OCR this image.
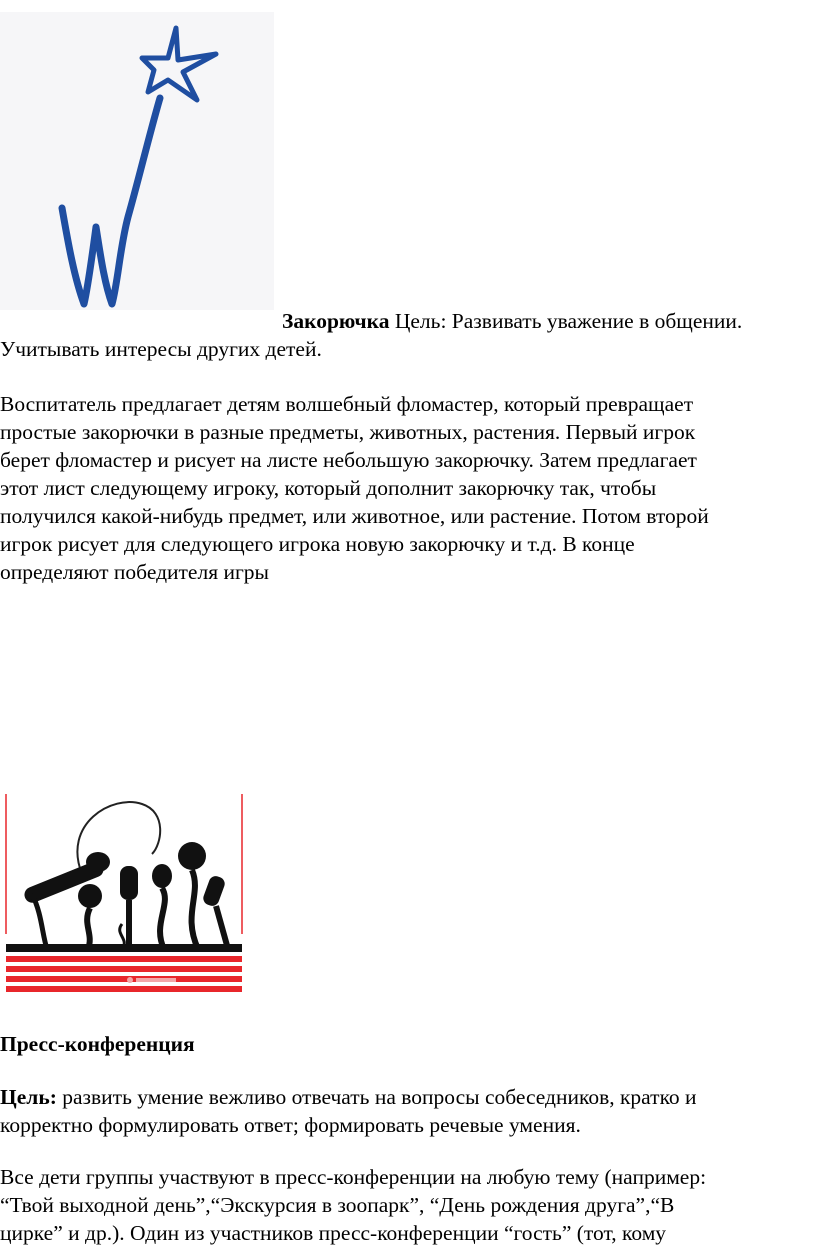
Закорючка Цель: Развивать уважение в общении.

Учитывать интересы других детей.

Воспитатель предлагает детям волшебный фломастер, который превращает

простые закорючки в разные предметы, животных, растения. Первый игрок

берет фломастер и рисует на листе небольшую закорючку. Затем предлагает

этот лист следующему игроку, который дополнит закорючку так, чтобы

получился какой-нибудь предмет, или животное, или растение. Потом второй

игрок рисует для следующего игрока новую закорючку и т.д. В конце

определяют победителя игры

Пресс-конференция

Цель: развить умение вежливо отвечать на вопросы собеседников, кратко и

корректно формулировать ответ; формировать речевые умения.

Все дети группы участвуют в пресс-конференции на любую тему (например:

“Твой выходной день”,“Экскурсия в зоопарк”, “День рождения друга”,“В

цирке” и др.). Один из участников пресс-конференции “гость” (тот, кому
